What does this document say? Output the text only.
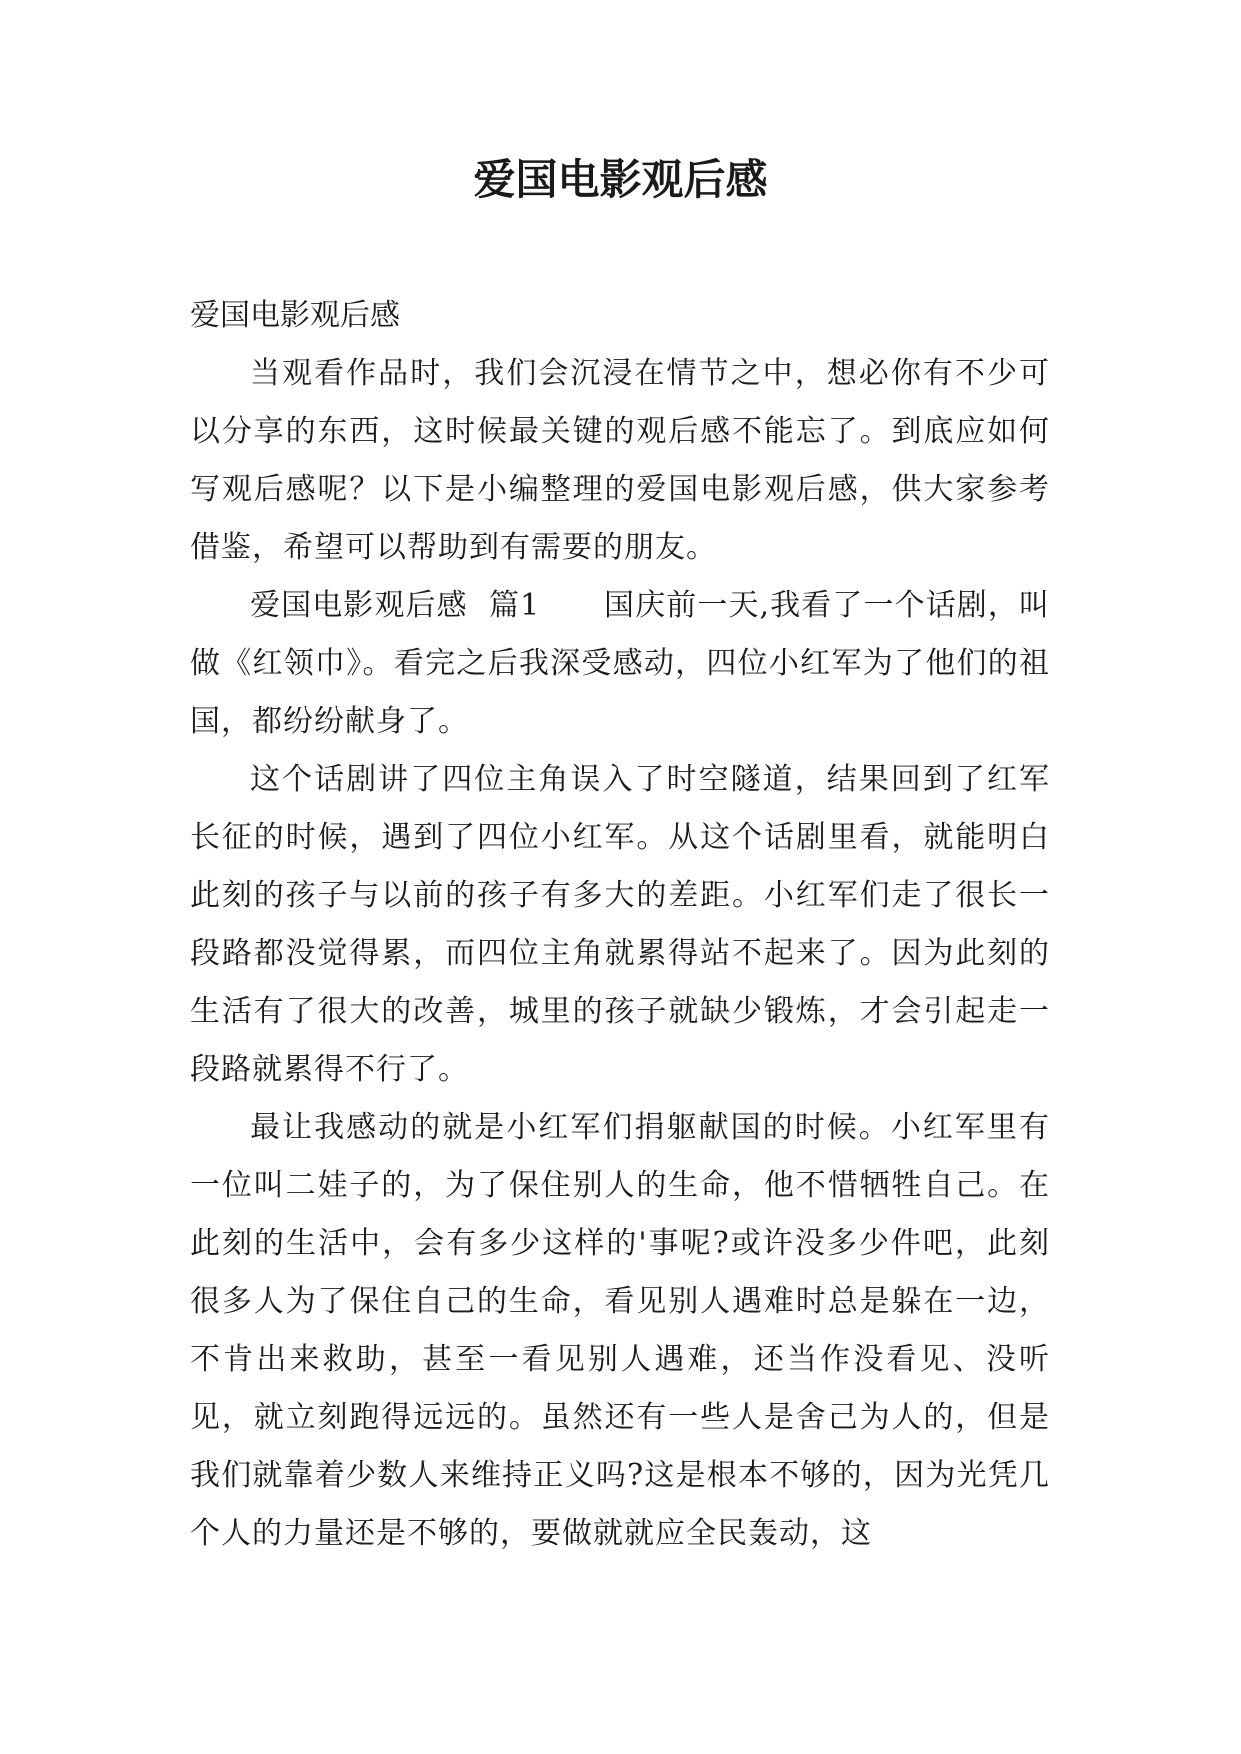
爱国电影观后感

爱国电影观后感

当观看作品时，我们会沉浸在情节之中，想必你有不少可以分享的东西，这时候最关键的观后感不能忘了。到底应如何写观后感呢？以下是小编整理的爱国电影观后感，供大家参考借鉴，希望可以帮助到有需要的朋友。

爱国电影观后感  篇1 国庆前一天,我看了一个话剧，叫做《红领巾》。看完之后我深受感动，四位小红军为了他们的祖国，都纷纷献身了。

这个话剧讲了四位主角误入了时空隧道，结果回到了红军长征的时候，遇到了四位小红军。从这个话剧里看，就能明白此刻的孩子与以前的孩子有多大的差距。小红军们走了很长一段路都没觉得累，而四位主角就累得站不起来了。因为此刻的生活有了很大的改善，城里的孩子就缺少锻炼，才会引起走一段路就累得不行了。

最让我感动的就是小红军们捐躯献国的时候。小红军里有一位叫二娃子的，为了保住别人的生命，他不惜牺牲自己。在此刻的生活中，会有多少这样的'事呢?或许没多少件吧，此刻很多人为了保住自己的生命，看见别人遇难时总是躲在一边，不肯出来救助，甚至一看见别人遇难，还当作没看见、没听见，就立刻跑得远远的。虽然还有一些人是舍己为人的，但是我们就靠着少数人来维持正义吗?这是根本不够的，因为光凭几个人的力量还是不够的，要做就就应全民轰动，这
